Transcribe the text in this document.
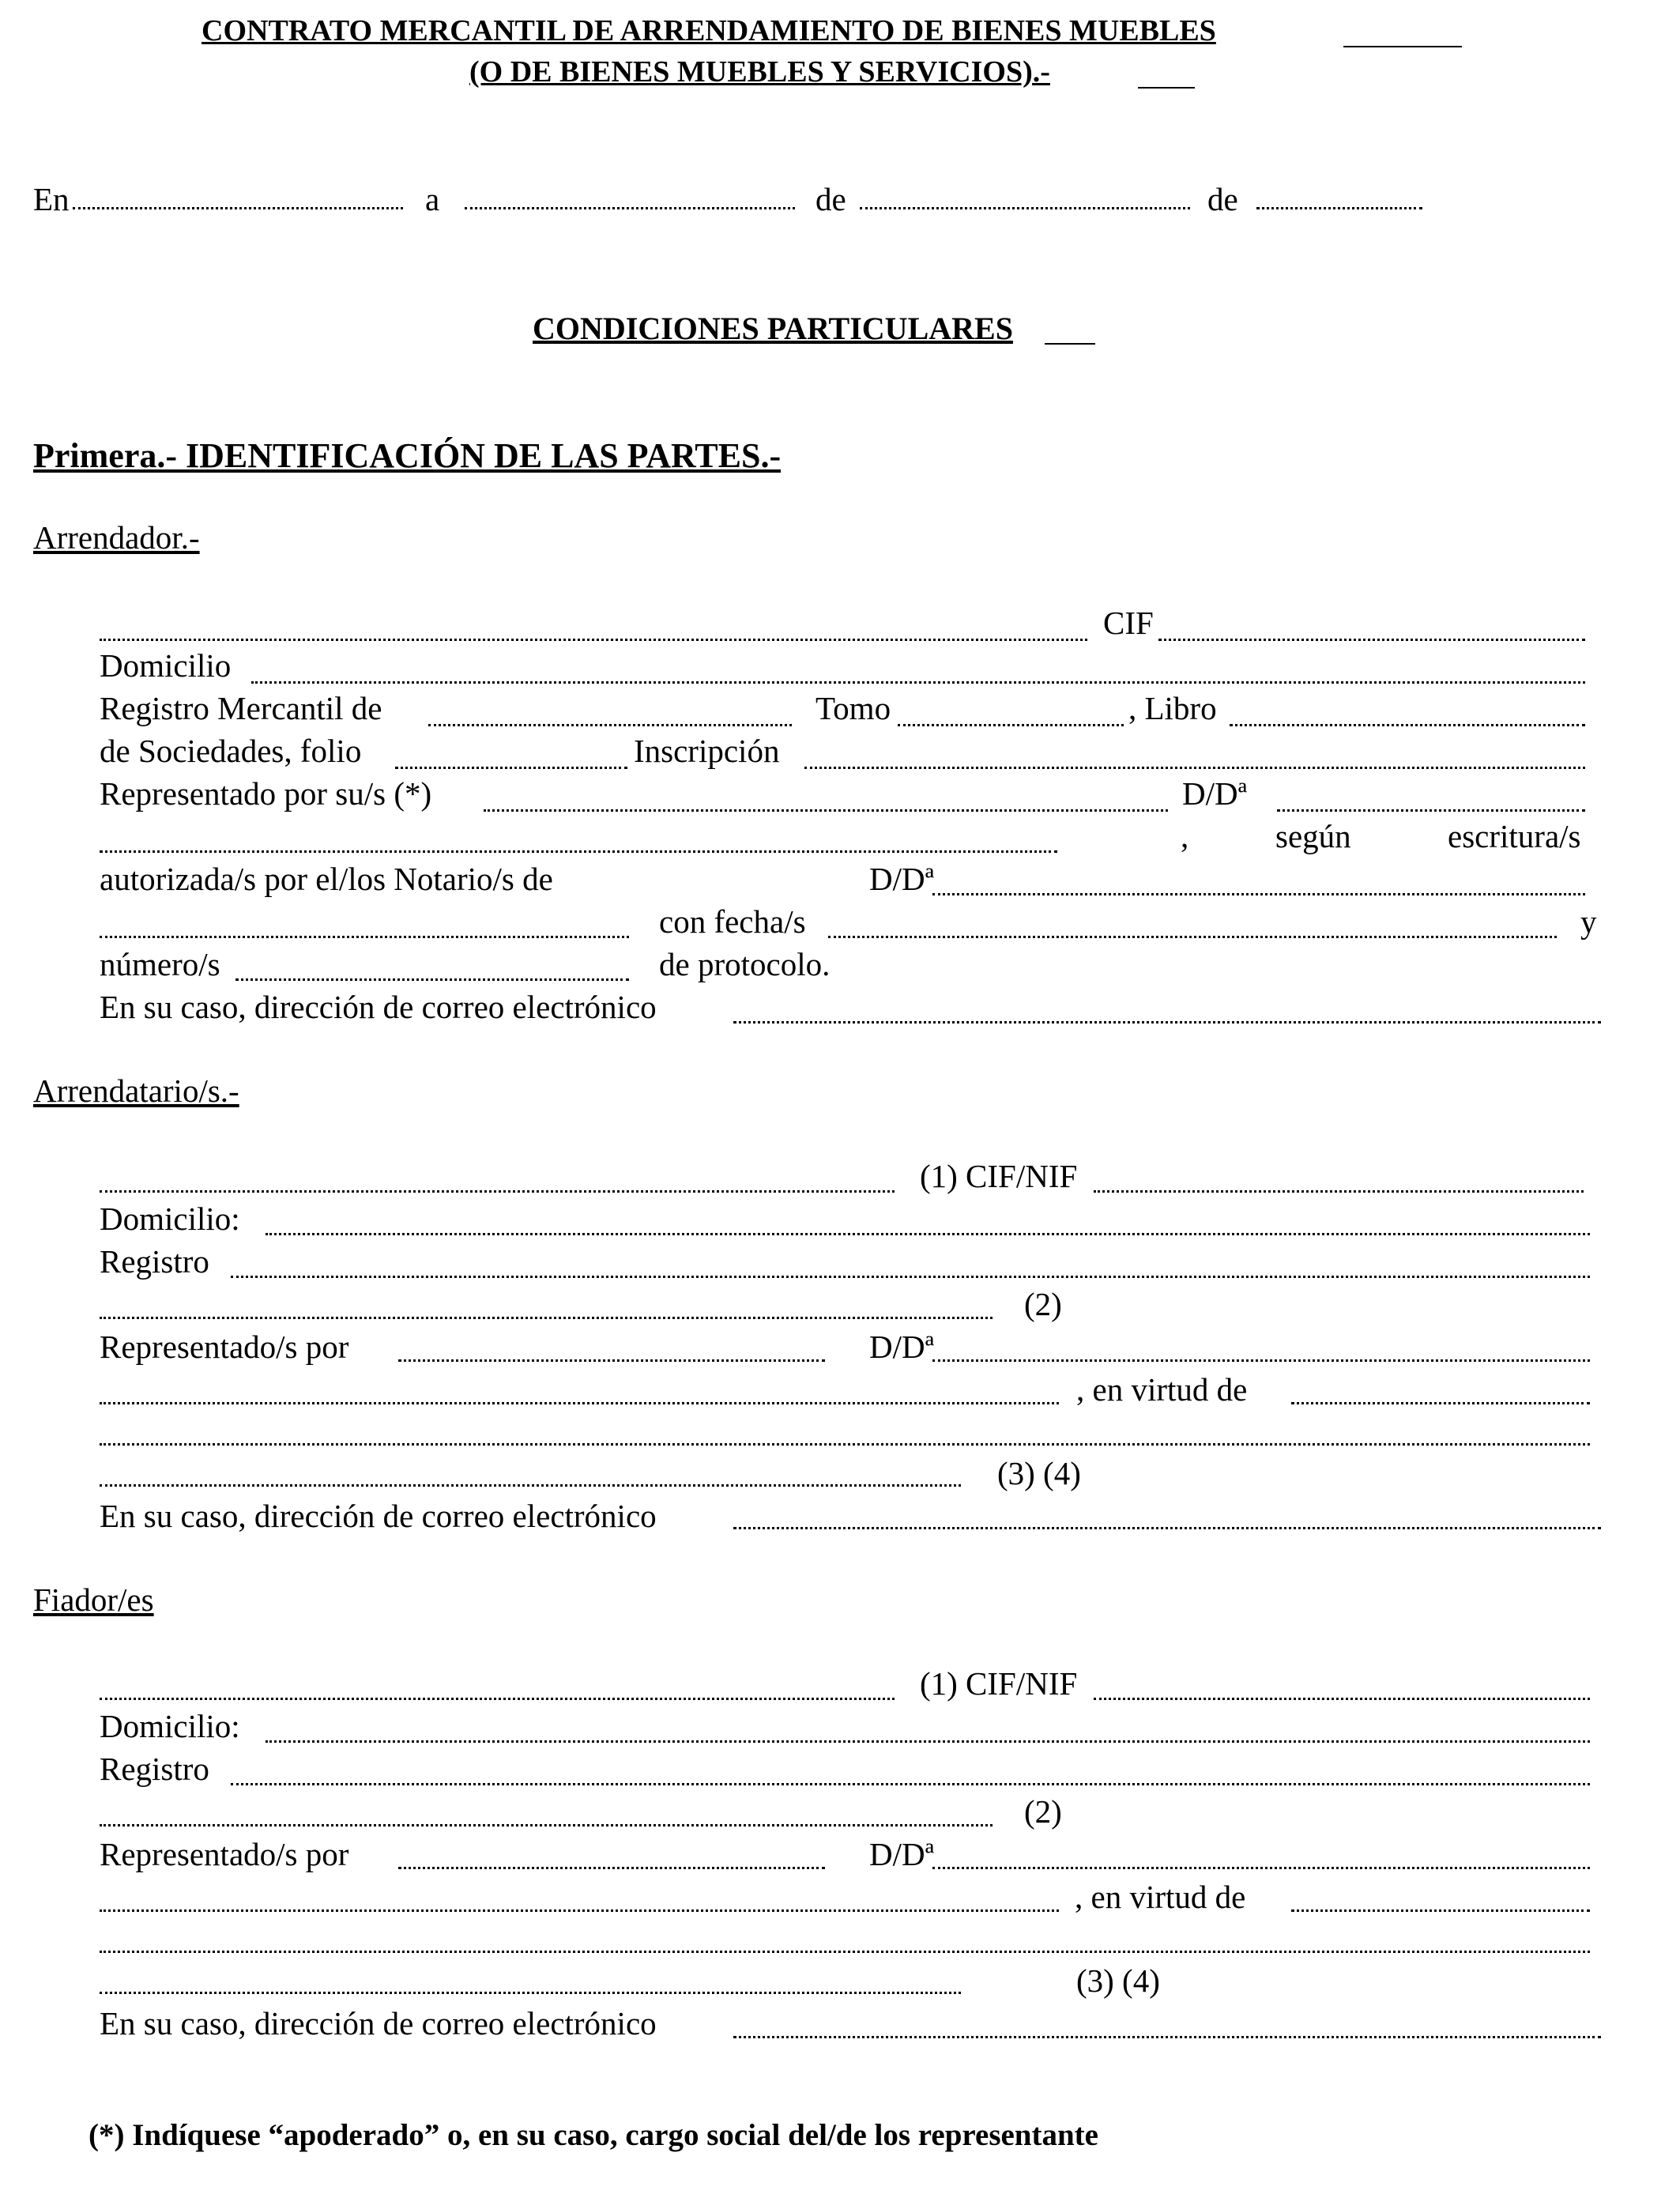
CONTRATO MERCANTIL DE ARRENDAMIENTO DE BIENES MUEBLES
(O DE BIENES MUEBLES Y SERVICIOS).-
En	a	de	de
CONDICIONES PARTICULARES
Primera.- IDENTIFICACIÓN DE LAS PARTES.-
Arrendador.-
CIF
Domicilio
Registro Mercantil de	Tomo	, Libro
de Sociedades, folio	Inscripción
Representado por su/s (*)	D/Dª
,	según	escritura/s
autorizada/s por el/los Notario/s de	D/Dª
con fecha/s	y
número/s	de protocolo.
En su caso, dirección de correo electrónico
Arrendatario/s.-
(1) CIF/NIF
Domicilio:
Registro
(2)
Representado/s por	D/Dª
, en virtud de
(3) (4)
En su caso, dirección de correo electrónico
Fiador/es
(1) CIF/NIF
Domicilio:
Registro
(2)
Representado/s por	D/Dª
, en virtud de
(3) (4)
En su caso, dirección de correo electrónico
(*) Indíquese “apoderado” o, en su caso, cargo social del/de los representante
